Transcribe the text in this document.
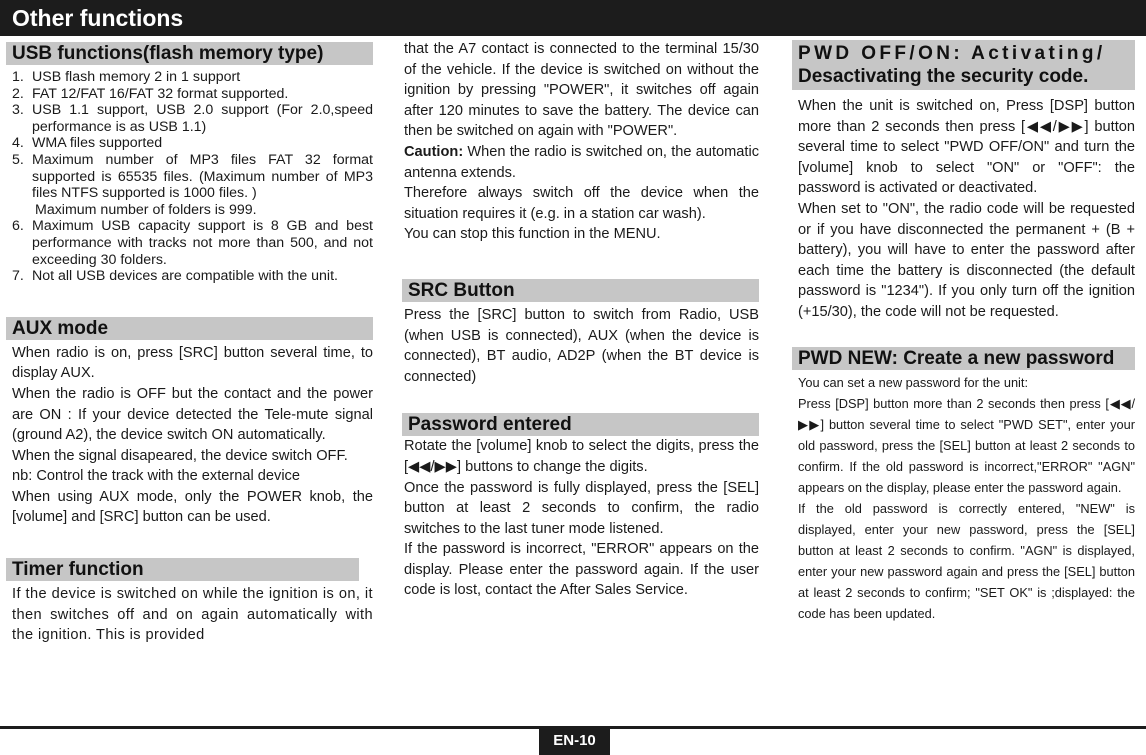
Other functions
USB functions(flash memory type)
1. USB flash memory 2 in 1 support
2. FAT 12/FAT 16/FAT 32 format supported.
3. USB 1.1 support, USB 2.0 support (For 2.0,speed performance is as USB 1.1)
4. WMA files supported
5. Maximum number of MP3 files FAT 32 format supported is 65535 files. (Maximum number of MP3 files NTFS supported is 1000 files. )
Maximum number of folders is 999.
6. Maximum USB capacity support is 8 GB and best performance with tracks not more than 500, and not exceeding 30 folders.
7. Not all USB devices are compatible with the unit.
AUX mode

When radio is on, press [SRC] button several time, to display AUX.

When the radio is OFF but the contact and the power are ON : If your device detected the Tele-mute signal (ground A2), the device switch ON automatically.

When the signal disapeared, the device switch OFF.

nb: Control the track with the external device

When using AUX mode, only the POWER knob, the [volume] and [SRC] button can be used.

Timer function

If the device is switched on while the ignition is on, it then switches off and on again automatically with the ignition. This is provided

that the A7 contact is connected to the terminal 15/30 of the vehicle. If the device is switched on without the ignition by pressing "POWER", it switches off again after 120 minutes to save the battery. The device can then be switched on again with "POWER".

Caution: When the radio is switched on, the automatic antenna extends.

Therefore always switch off the device when the situation requires it (e.g. in a station car wash).

You can stop this function in the MENU.

SRC Button

Press the [SRC] button to switch from Radio, USB (when USB is connected), AUX (when the device is connected), BT audio, AD2P (when the BT device is connected)

Password entered

Rotate the [volume] knob to select the digits, press the [◀◀/▶▶] buttons to change the digits.

Once the password is fully displayed, press the [SEL] button at least 2 seconds to confirm, the radio switches to the last tuner mode listened.

If the password is incorrect, "ERROR" appears on the display. Please enter the password again. If the user code is lost, contact the After Sales Service.

PWD OFF/ON: Activating/
Desactivating the security code.

When the unit is switched on, Press [DSP] button more than 2 seconds then press [◀◀/▶▶] button several time to select "PWD OFF/ON" and turn the [volume] knob to select "ON" or "OFF": the password is activated or deactivated.

When set to "ON", the radio code will be requested or if you have disconnected the permanent + (B + battery), you will have to enter the password after each time the battery is disconnected (the default password is "1234"). If you only turn off the ignition (+15/30), the code will not be requested.

PWD NEW: Create a new password

You can set a new password for the unit:

Press [DSP] button more than 2 seconds then press [◀◀/▶▶] button several time to select "PWD SET", enter your old password, press the [SEL] button at least 2 seconds to confirm. If the old password is incorrect,"ERROR" "AGN" appears on the display, please enter the password again.

If the old password is correctly entered, "NEW" is displayed, enter your new password, press the [SEL] button at least 2 seconds to confirm. "AGN" is displayed, enter your new password again and press the [SEL] button at least 2 seconds to confirm; "SET OK" is ;displayed: the code has been updated.

EN-10
